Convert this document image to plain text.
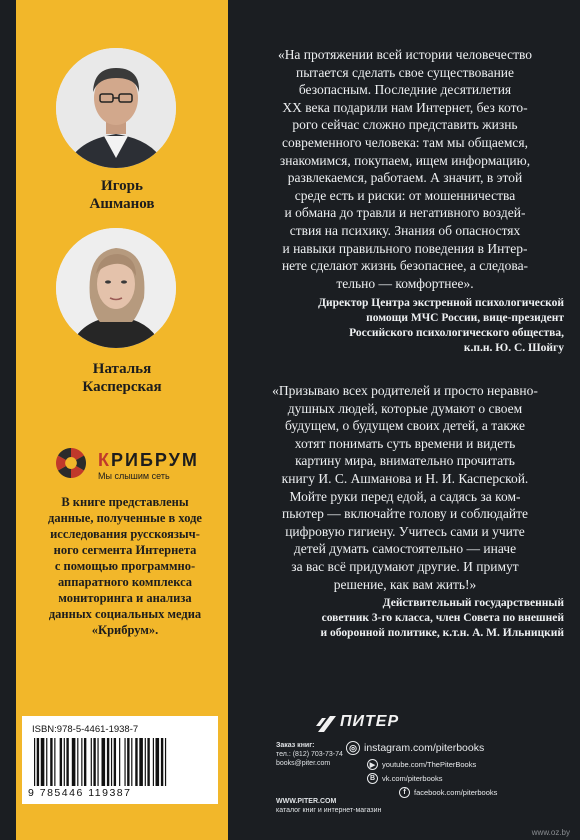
Игорь
Ашманов
Наталья
Касперская
КРИБРУМ
Мы слышим сеть
В книге представлены
данные, полученные в ходе
исследования русскоязыч-
ного сегмента Интернета
с помощью программно-
аппаратного комплекса
мониторинга и анализа
данных социальных медиа
«Крибрум».
ISBN:978-5-4461-1938-7
9 785446 119387
«На протяжении всей истории человечество
пытается сделать свое существование
безопасным. Последние десятилетия
XX века подарили нам Интернет, без кото-
рого сейчас сложно представить жизнь
современного человека: там мы общаемся,
знакомимся, покупаем, ищем информацию,
развлекаемся, работаем. А значит, в этой
среде есть и риски: от мошенничества
и обмана до травли и негативного воздей-
ствия на психику. Знания об опасностях
и навыки правильного поведения в Интер-
нете сделают жизнь безопаснее, а следова-
тельно — комфортнее».
Директор Центра экстренной психологической
помощи МЧС России, вице-президент
Российского психологического общества,
к.п.н. Ю. С. Шойгу
«Призываю всех родителей и просто неравно-
душных людей, которые думают о своем
будущем, о будущем своих детей, а также
хотят понимать суть времени и видеть
картину мира, внимательно прочитать
книгу И. С. Ашманова и Н. И. Касперской.
Мойте руки перед едой, а садясь за ком-
пьютер — включайте голову и соблюдайте
цифровую гигиену. Учитесь сами и учите
детей думать самостоятельно — иначе
за вас всё придумают другие. И примут
решение, как вам жить!»
Действительный государственный
советник 3-го класса, член Совета по внешней
и оборонной политике, к.т.н. А. М. Ильницкий
ПИТЕР
Заказ книг:
тел.: (812) 703-73-74
books@piter.com
WWW.PITER.COM
каталог книг и интернет-магазин
◎ instagram.com/piterbooks
▶ youtube.com/ThePiterBooks
B vk.com/piterbooks
f	facebook.com/piterbooks
www.oz.by
